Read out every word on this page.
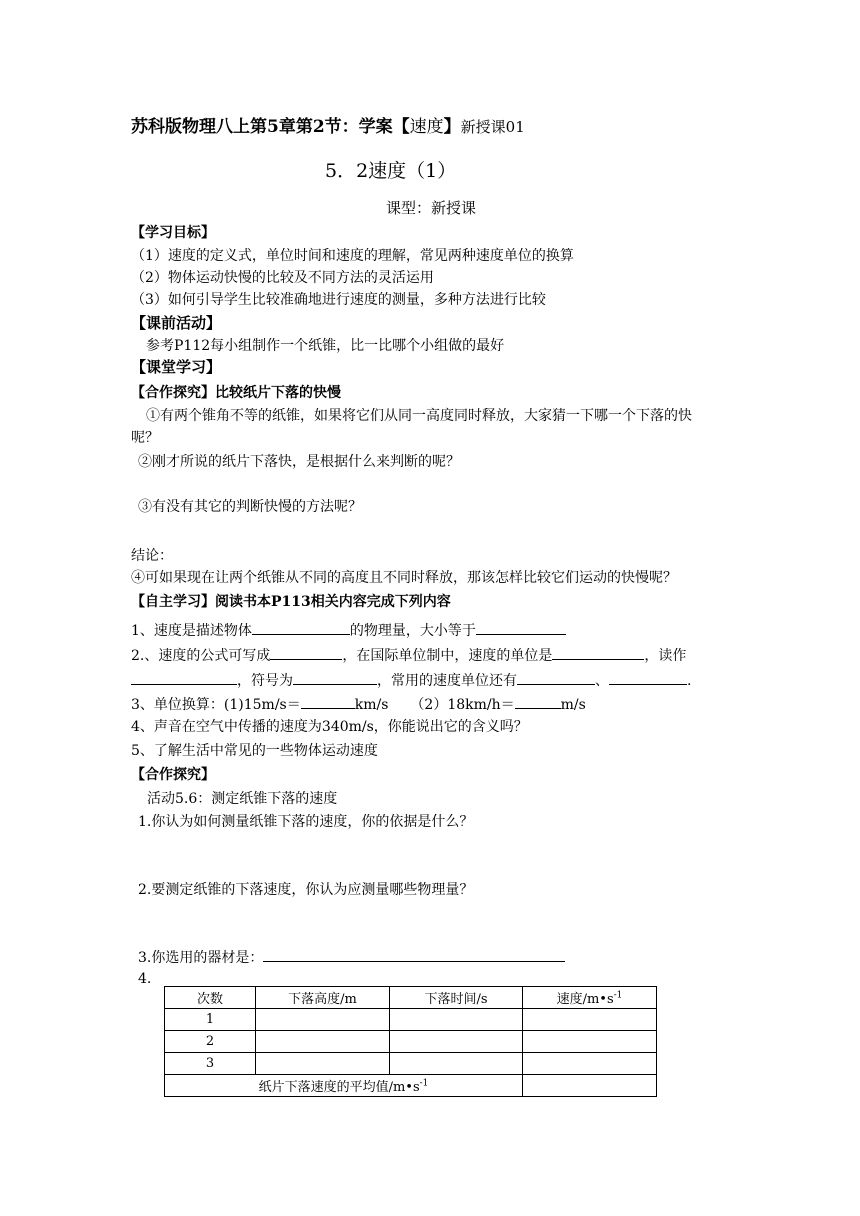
苏科版物理八上第5章第2节：学案【速度】新授课01
5．2速度（1）
课型：新授课
【学习目标】
（1）速度的定义式，单位时间和速度的理解，常见两种速度单位的换算
（2）物体运动快慢的比较及不同方法的灵活运用
（3）如何引导学生比较准确地进行速度的测量，多种方法进行比较
【课前活动】
参考P112每小组制作一个纸锥，比一比哪个小组做的最好
【课堂学习】
【合作探究】比较纸片下落的快慢
①有两个锥角不等的纸锥，如果将它们从同一高度同时释放，大家猜一下哪一个下落的快
呢？
②刚才所说的纸片下落快，是根据什么来判断的呢？
③有没有其它的判断快慢的方法呢？
结论：
④可如果现在让两个纸锥从不同的高度且不同时释放，那该怎样比较它们运动的快慢呢？
【自主学习】阅读书本P113相关内容完成下列内容
1、速度是描述物体	的物理量，大小等于
2.、速度的公式可写成	，在国际单位制中，速度的单位是	，读作
，符号为	，常用的速度单位还有	、	.
3、单位换算：(1)15m/s＝	km/s （2）18km/h＝	m/s
4、声音在空气中传播的速度为340m/s，你能说出它的含义吗？
5、了解生活中常见的一些物体运动速度
【合作探究】
活动5.6：测定纸锥下落的速度
1.你认为如何测量纸锥下落的速度，你的依据是什么？
2.要测定纸锥的下落速度，你认为应测量哪些物理量？
3.你选用的器材是：
4.
次数	下落高度/m	下落时间/s	速度$/m•s^{-1}$
1			
2			
3			
纸片下落速度的平均值$/m•s^{-1}$	
